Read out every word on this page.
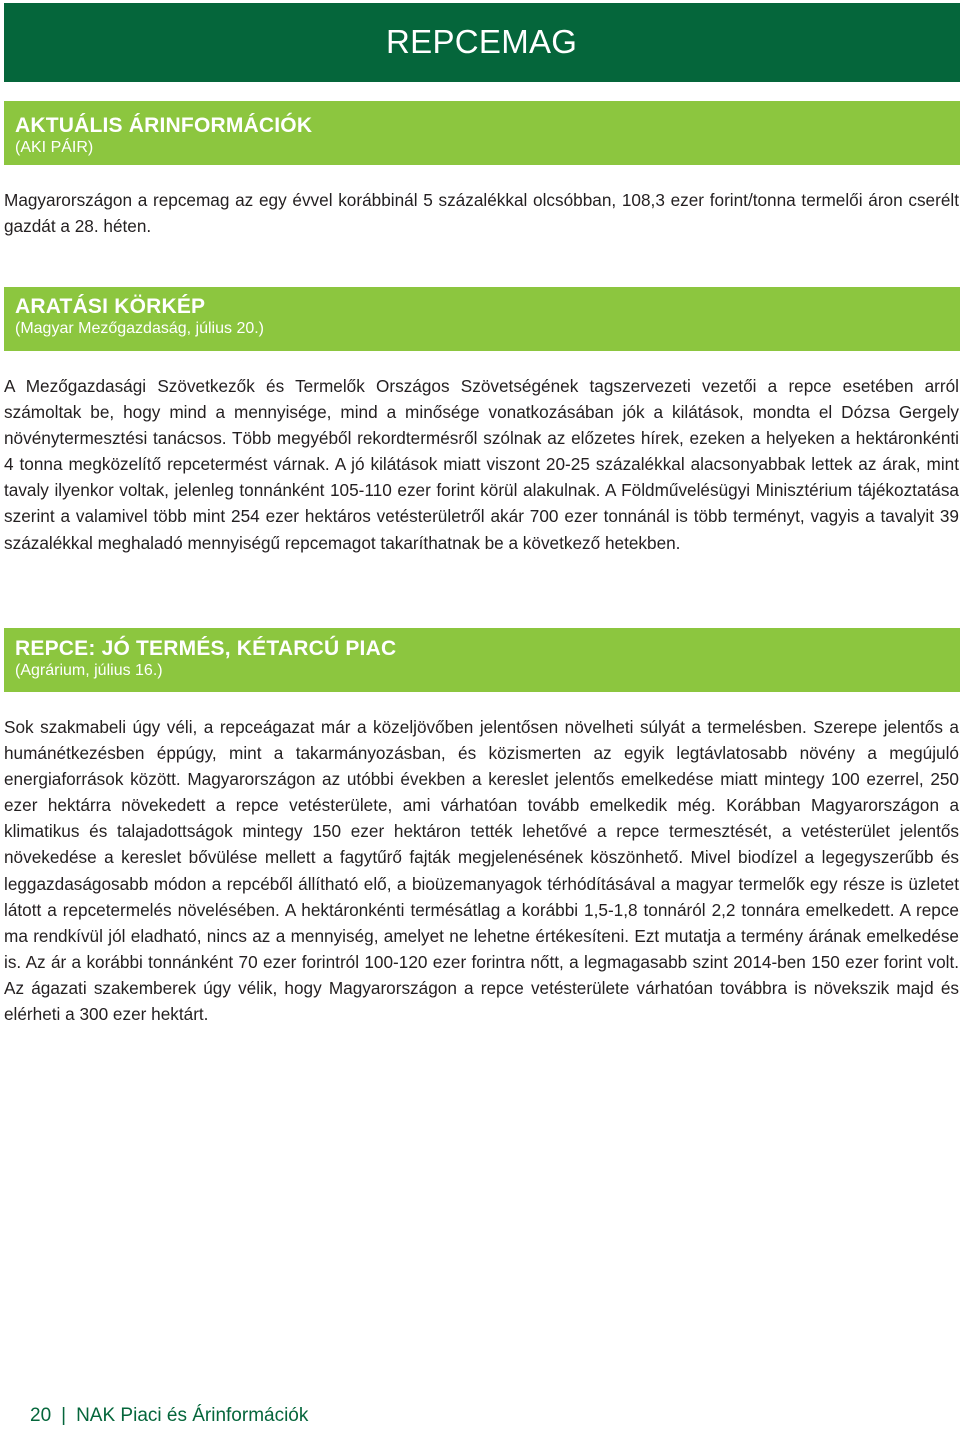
REPCEMAG
AKTUÁLIS ÁRINFORMÁCIÓK
(AKI PÁIR)

Magyarországon a repcemag az egy évvel korábbinál 5 százalékkal olcsóbban, 108,3 ezer forint/tonna termelői áron cserélt gazdát a 28. héten.

ARATÁSI KÖRKÉP
(Magyar Mezőgazdaság, július 20.)

A Mezőgazdasági Szövetkezők és Termelők Országos Szövetségének tagszervezeti vezetői a repce esetében arról számoltak be, hogy mind a mennyisége, mind a minősége vonatkozásában jók a kilátások, mondta el Dózsa Gergely növénytermesztési tanácsos. Több megyéből rekordtermésről szólnak az előzetes hírek, ezeken a helyeken a hektáronkénti 4 tonna megközelítő repcetermést várnak. A jó kilátások miatt viszont 20-25 százalékkal alacsonyabbak lettek az árak, mint tavaly ilyenkor voltak, jelenleg tonnánként 105-110 ezer forint körül alakulnak. A Földművelésügyi Minisztérium tájékoztatása szerint a valamivel több mint 254 ezer hektáros vetésterületről akár 700 ezer tonnánál is több terményt, vagyis a tavalyit 39 százalékkal meghaladó mennyiségű repcemagot takaríthatnak be a következő hetekben.

REPCE: JÓ TERMÉS, KÉTARCÚ PIAC
(Agrárium, július 16.)

Sok szakmabeli úgy véli, a repceágazat már a közeljövőben jelentősen növelheti súlyát a termelésben. Szerepe jelentős a humánétkezésben éppúgy, mint a takarmányozásban, és közismerten az egyik legtávlatosabb növény a megújuló energiaforrások között. Magyarországon az utóbbi években a kereslet jelentős emelkedése miatt mintegy 100 ezerrel, 250 ezer hektárra növekedett a repce vetésterülete, ami várhatóan tovább emelkedik még. Korábban Magyarországon a klimatikus és talajadottságok mintegy 150 ezer hektáron tették lehetővé a repce termesztését, a vetésterület jelentős növekedése a kereslet bővülése mellett a fagytűrő fajták megjelenésének köszönhető. Mivel biodízel a legegyszerűbb és leggazdaságosabb módon a repcéből állítható elő, a bioüzemanyagok térhódításával a magyar termelők egy része is üzletet látott a repcetermelés növelésében. A hektáronkénti termésátlag a korábbi 1,5-1,8 tonnáról 2,2 tonnára emelkedett. A repce ma rendkívül jól eladható, nincs az a mennyiség, amelyet ne lehetne értékesíteni. Ezt mutatja a termény árának emelkedése is. Az ár a korábbi tonnánként 70 ezer forintról 100-120 ezer forintra nőtt, a legmagasabb szint 2014-ben 150 ezer forint volt. Az ágazati szakemberek úgy vélik, hogy Magyarországon a repce vetésterülete várhatóan továbbra is növekszik majd és elérheti a 300 ezer hektárt.

20 | NAK Piaci és Árinformációk
